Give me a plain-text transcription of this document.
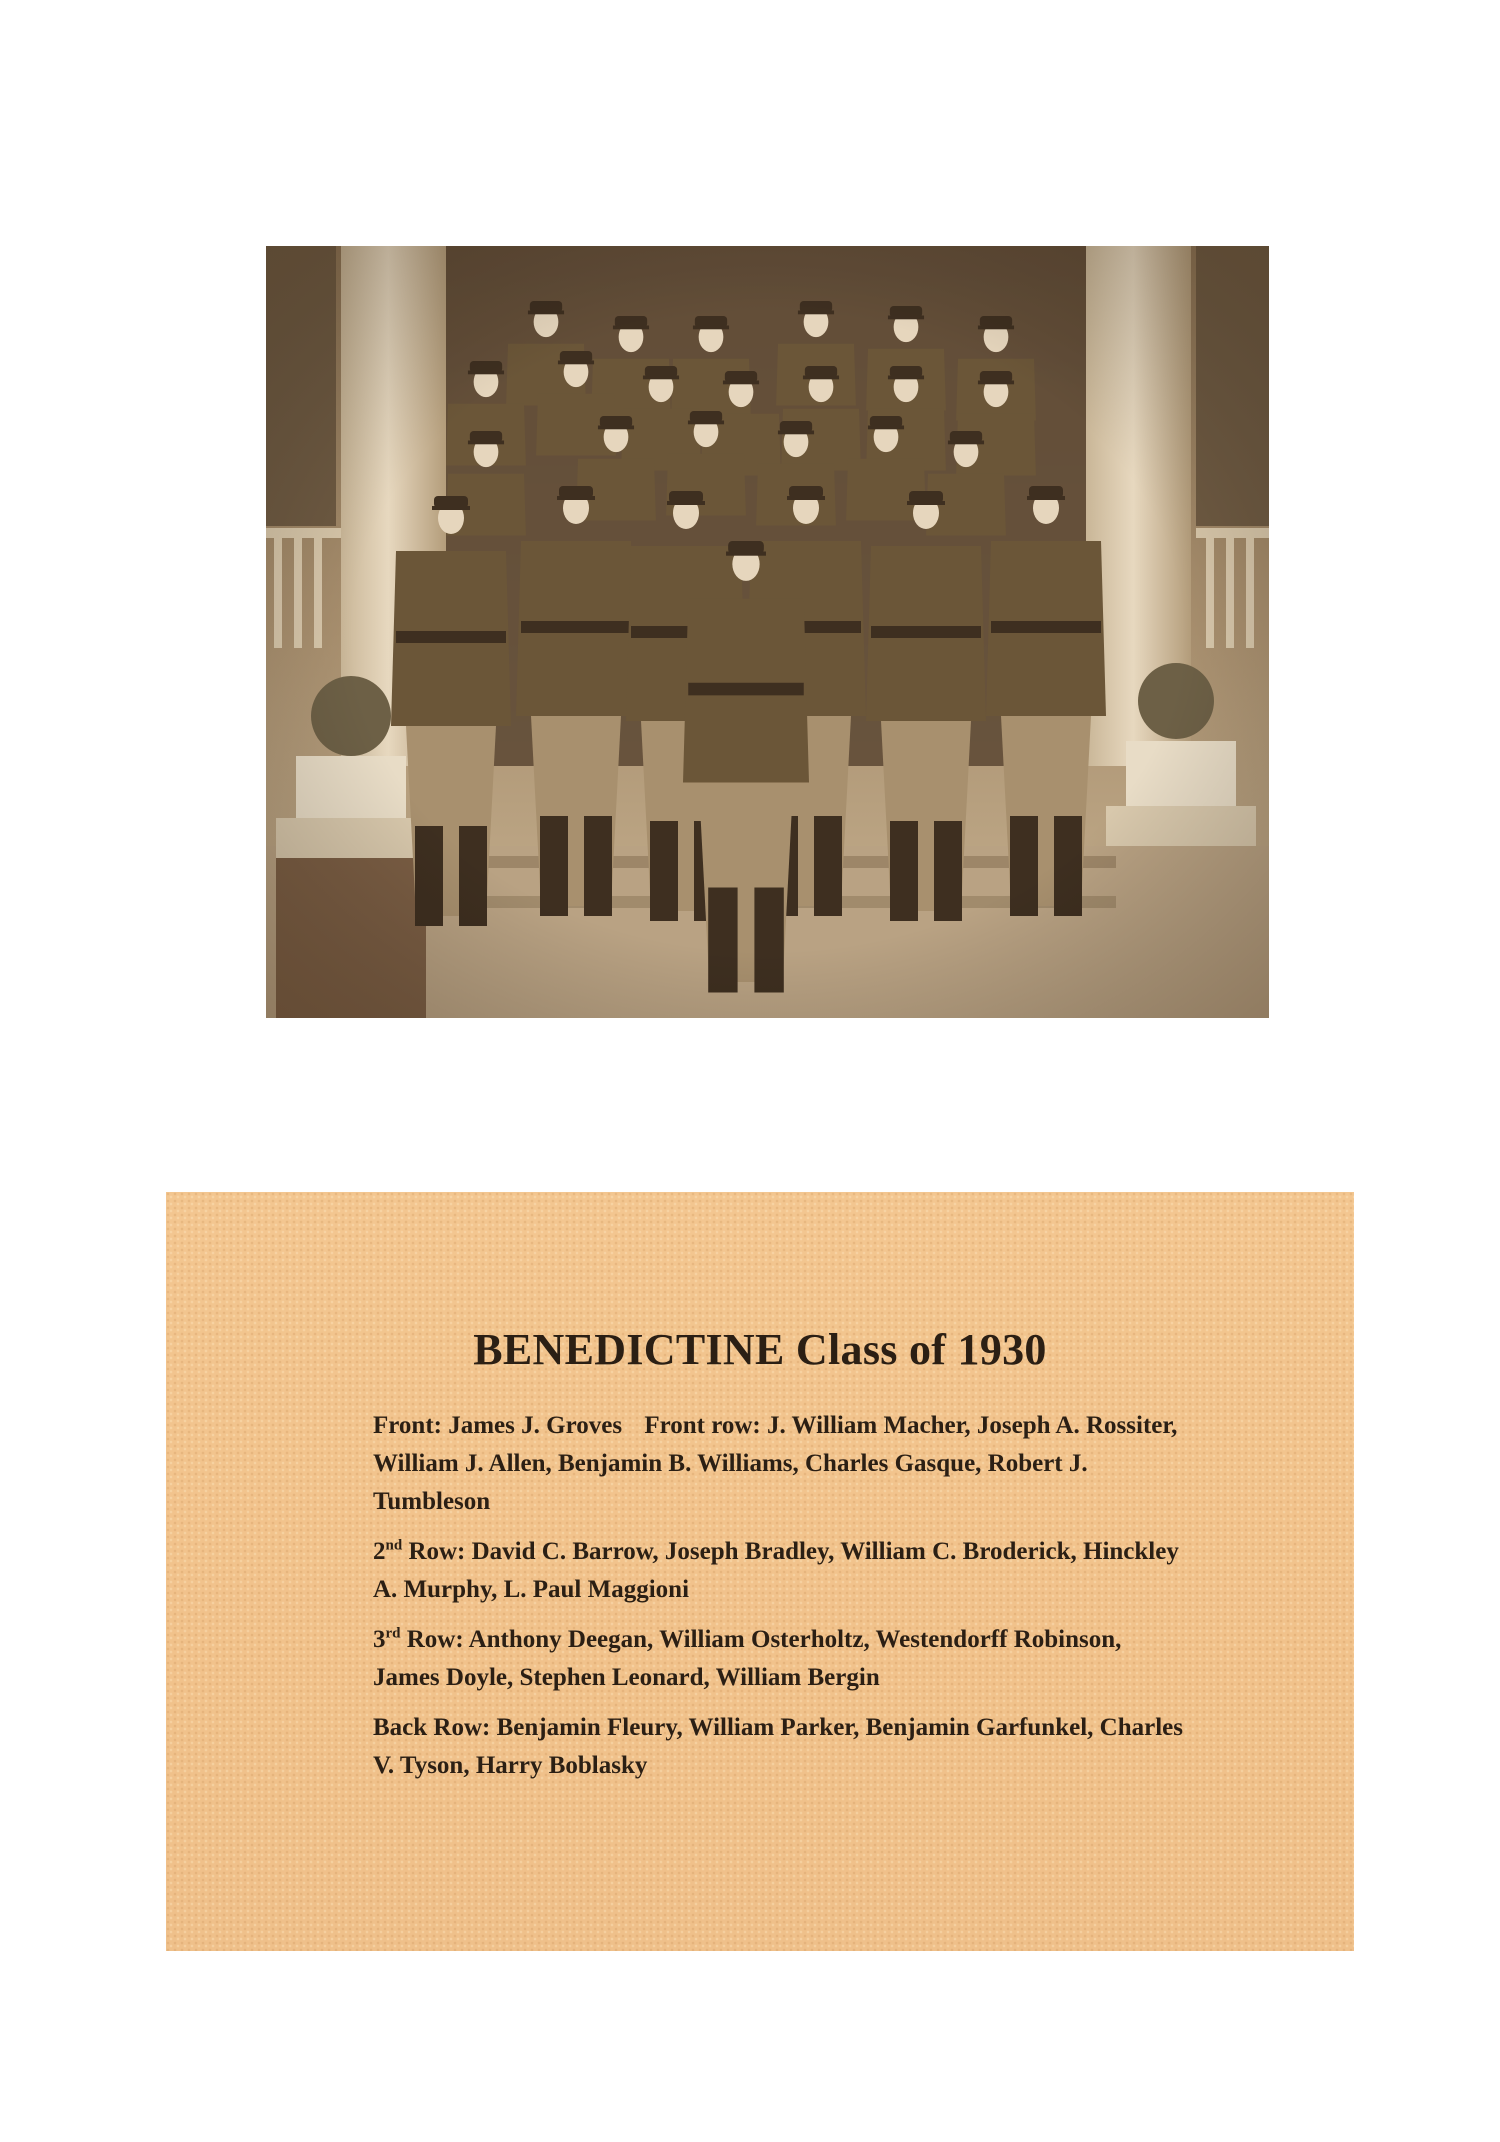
BENEDICTINE Class of 1930

Front: James J. Groves Front row: J. William Macher, Joseph A. Rossiter, William J. Allen, Benjamin B. Williams, Charles Gasque, Robert J. Tumbleson

2nd Row: David C. Barrow, Joseph Bradley, William C. Broderick, Hinckley A. Murphy, L. Paul Maggioni

3rd Row: Anthony Deegan, William Osterholtz, Westendorff Robinson, James Doyle, Stephen Leonard, William Bergin

Back Row: Benjamin Fleury, William Parker, Benjamin Garfunkel, Charles V. Tyson, Harry Boblasky
